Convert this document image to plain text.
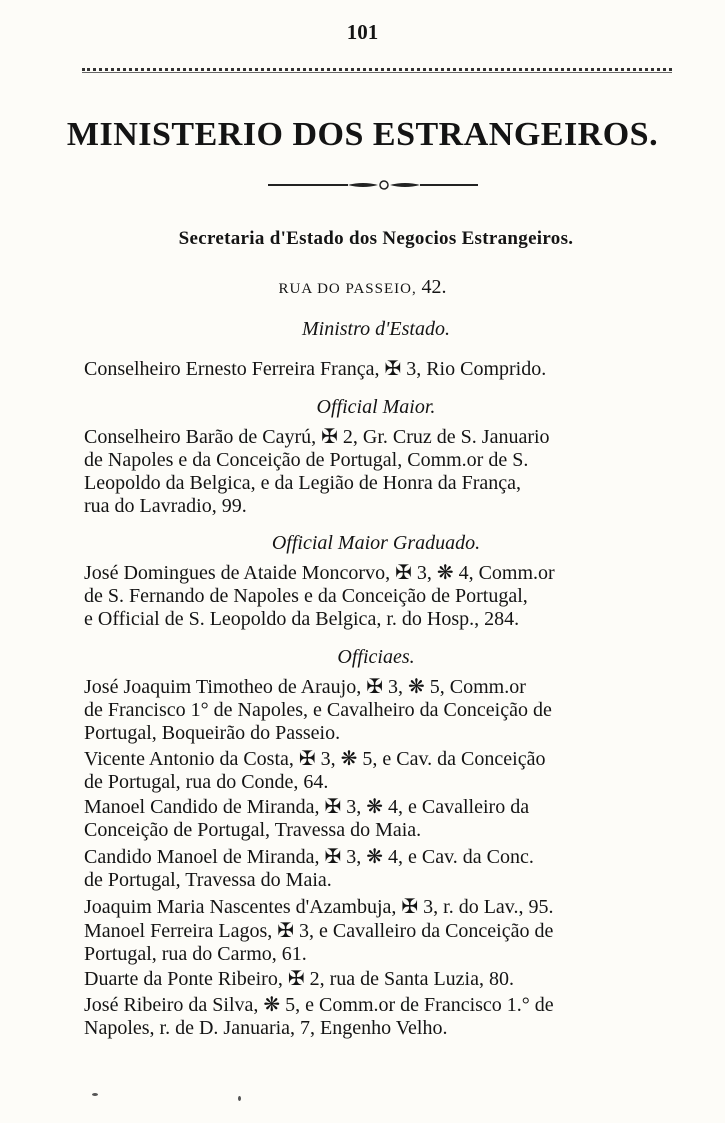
101
MINISTERIO DOS ESTRANGEIROS.
Secretaria d'Estado dos Negocios Estrangeiros.
RUA DO PASSEIO, 42.
Ministro d'Estado.
Conselheiro Ernesto Ferreira França, ✠ 3, Rio Comprido.
Official Maior.
Conselheiro Barão de Cayrú, ✠ 2, Gr. Cruz de S. Januario
de Napoles e da Conceição de Portugal, Comm.or de S.
Leopoldo da Belgica, e da Legião de Honra da França,
rua do Lavradio, 99.
Official Maior Graduado.
José Domingues de Ataide Moncorvo, ✠ 3, ❋ 4, Comm.or
de S. Fernando de Napoles e da Conceição de Portugal,
e Official de S. Leopoldo da Belgica, r. do Hosp., 284.
Officiaes.
José Joaquim Timotheo de Araujo, ✠ 3, ❋ 5, Comm.or
de Francisco 1° de Napoles, e Cavalheiro da Conceição de
Portugal, Boqueirão do Passeio.
Vicente Antonio da Costa, ✠ 3, ❋ 5, e Cav. da Conceição
de Portugal, rua do Conde, 64.
Manoel Candido de Miranda, ✠ 3, ❋ 4, e Cavalleiro da
Conceição de Portugal, Travessa do Maia.
Candido Manoel de Miranda, ✠ 3, ❋ 4, e Cav. da Conc.
de Portugal, Travessa do Maia.
Joaquim Maria Nascentes d'Azambuja, ✠ 3, r. do Lav., 95.
Manoel Ferreira Lagos, ✠ 3, e Cavalleiro da Conceição de
Portugal, rua do Carmo, 61.
Duarte da Ponte Ribeiro, ✠ 2, rua de Santa Luzia, 80.
José Ribeiro da Silva, ❋ 5, e Comm.or de Francisco 1.° de
Napoles, r. de D. Januaria, 7, Engenho Velho.
